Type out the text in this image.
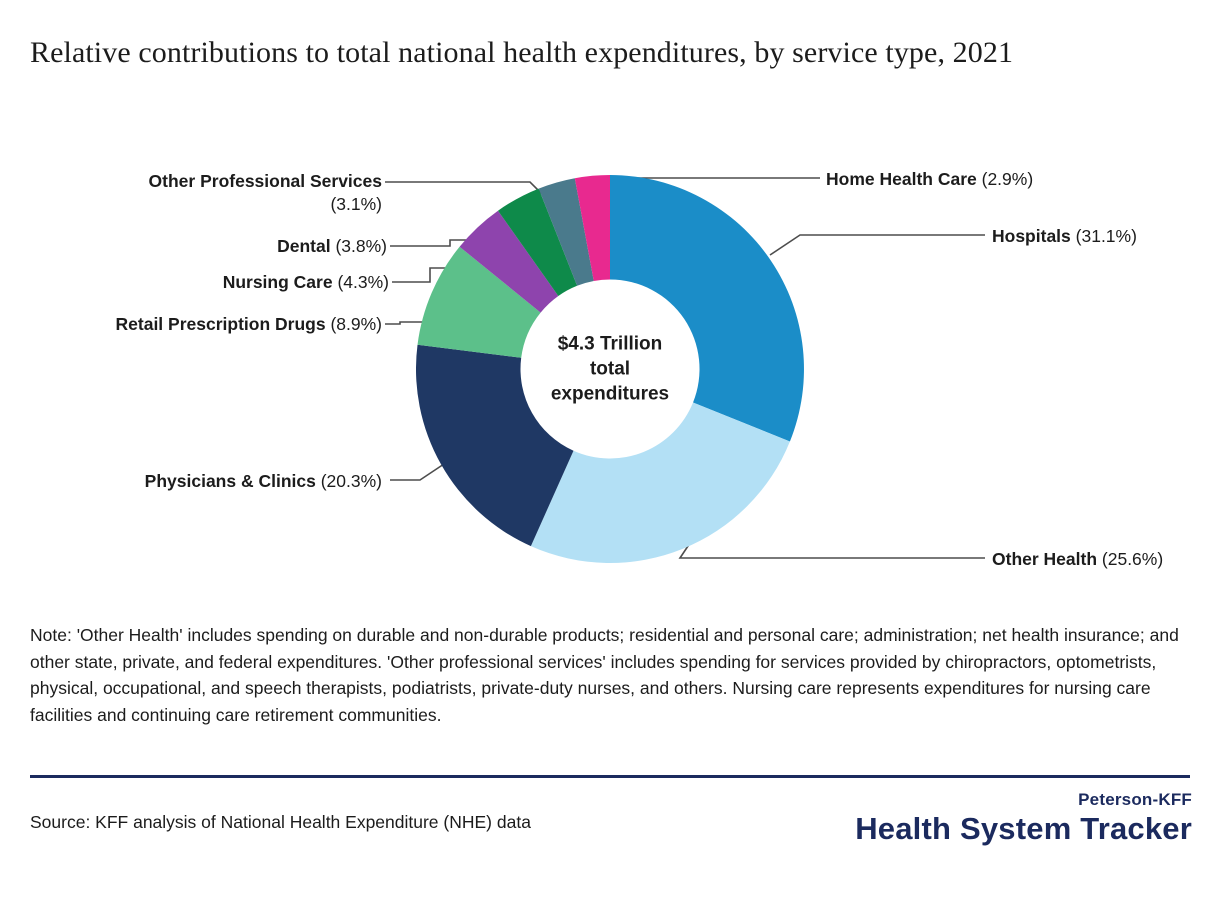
Relative contributions to total national health expenditures, by service type, 2021
$4.3 Trillion
total
expenditures
Home Health Care (2.9%)
Hospitals (31.1%)
Other Health (25.6%)
Physicians & Clinics (20.3%)
Retail Prescription Drugs (8.9%)
Nursing Care (4.3%)
Dental (3.8%)
Other Professional Services
(3.1%)
Note: 'Other Health' includes spending on durable and non-durable products; residential and personal care; administration; net health insurance; and other state, private, and federal expenditures. 'Other professional services' includes spending for services provided by chiropractors, optometrists, physical, occupational, and speech therapists, podiatrists, private-duty nurses, and others. Nursing care represents expenditures for nursing care facilities and continuing care retirement communities.
Source: KFF analysis of National Health Expenditure (NHE) data
Peterson-KFF
Health System Tracker
